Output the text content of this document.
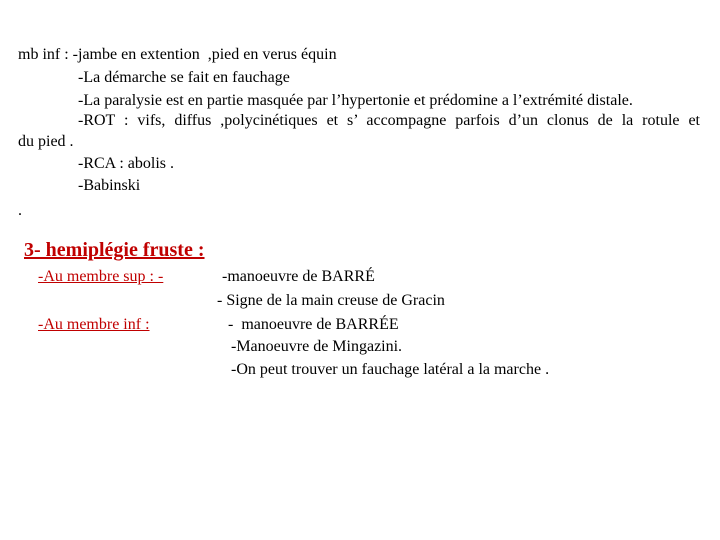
mb inf : -jambe en extention  ,pied en verus équin
-La démarche se fait en fauchage
-La paralysie est en partie masquée par l’hypertonie et prédomine a l’extrémité distale.
-ROT : vifs, diffus ,polycinétiques et s’ accompagne parfois d’un clonus de la rotule et
du pied .
-RCA : abolis .
-Babinski
.
3- hemiplégie fruste :
-Au membre sup : -	-manoeuvre de BARRÉ
- Signe de la main creuse de Gracin
-Au membre inf :	-  manoeuvre de BARRÉE
-Manoeuvre de Mingazini.
-On peut trouver un fauchage latéral a la marche .
